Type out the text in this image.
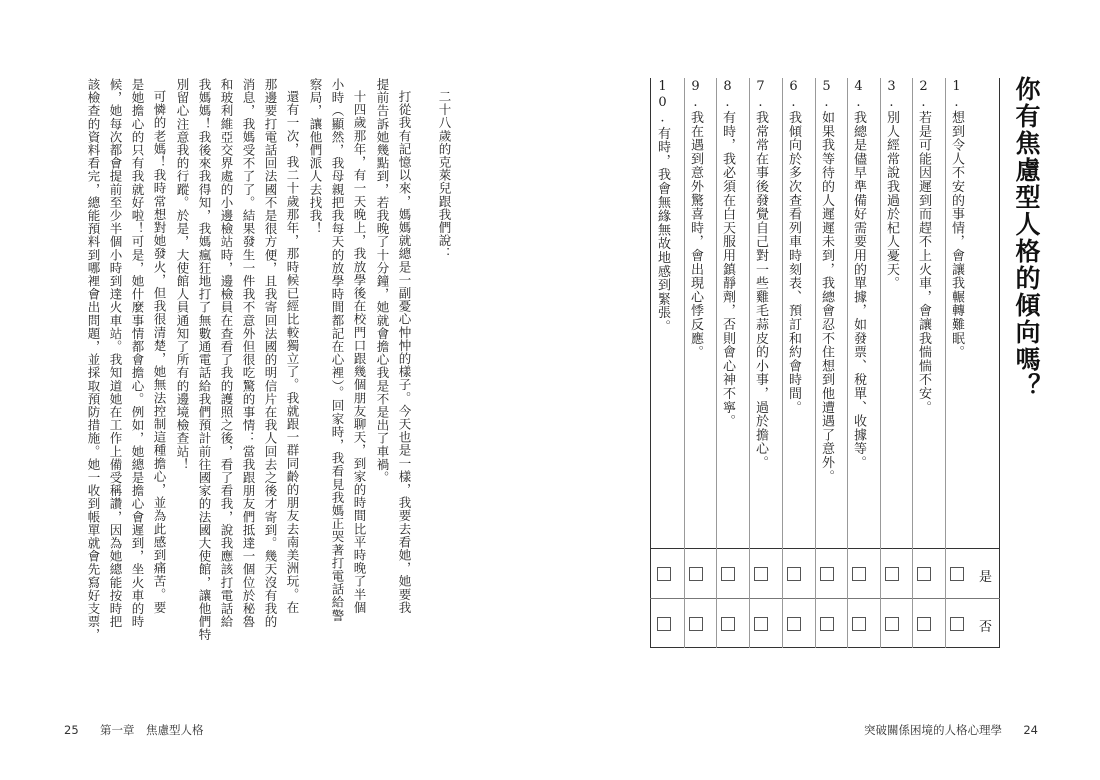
二十八歲的克萊兒跟我們說：
打從我有記憶以來，媽媽就總是一副憂心忡忡的樣子。今天也是一樣，我要去看她，她要我
提前告訴她幾點到，若我晚了十分鐘，她就會擔心我是不是出了車禍。
十四歲那年，有一天晚上，我放學後在校門口跟幾個朋友聊天，到家的時間比平時晚了半個
小時（顯然，我母親把我每天的放學時間都記在心裡）。回家時，我看見我媽正哭著打電話給警
察局，讓他們派人去找我！
還有一次，我二十歲那年，那時候已經比較獨立了。我就跟一群同齡的朋友去南美洲玩。在
那邊要打電話回法國不是很方便，且我寄回法國的明信片在我人回去之後才寄到。幾天沒有我的
消息，我媽受不了了。結果發生一件我不意外但很吃驚的事情：當我跟朋友們抵達一個位於秘魯
和玻利維亞交界處的小邊檢站時，邊檢員在查看了我的護照之後，看了看我，說我應該打電話給
我媽媽！我後來我得知，我媽瘋狂地打了無數通電話給我們預計前往國家的法國大使館，讓他們特
別留心注意我的行蹤。於是，大使館人員通知了所有的邊境檢查站！
可憐的老媽！我時常想對她發火，但我很清楚，她無法控制這種擔心，並為此感到痛苦。要
是她擔心的只有我就好啦！可是，她什麼事情都會擔心。例如，她總是擔心會遲到，坐火車的時
候，她每次都會提前至少半個小時到達火車站。我知道她在工作上備受稱讚，因為她總能按時把
該檢查的資料看完，總能預料到哪裡會出問題，並採取預防措施。她一收到帳單就會先寫好支票，
25 第一章　焦慮型人格
你有焦慮型人格的傾向嗎？
是
否
1.想到令人不安的事情，會讓我輾轉難眠。
2.若是可能因遲到而趕不上火車，會讓我惴惴不安。
3.別人經常說我過於杞人憂天。
4.我總是儘早準備好需要用的單據，如發票、稅單、收據等。
5.如果我等待的人遲遲未到，我總會忍不住想到他遭遇了意外。
6.我傾向於多次查看列車時刻表、預訂和約會時間。
7.我常常在事後發覺自己對一些雞毛蒜皮的小事，過於擔心。
8.有時，我必須在白天服用鎮靜劑，否則會心神不寧。
9.我在遇到意外驚喜時，會出現心悸反應。
10.有時，我會無緣無故地感到緊張。
突破關係困境的人格心理學 24
